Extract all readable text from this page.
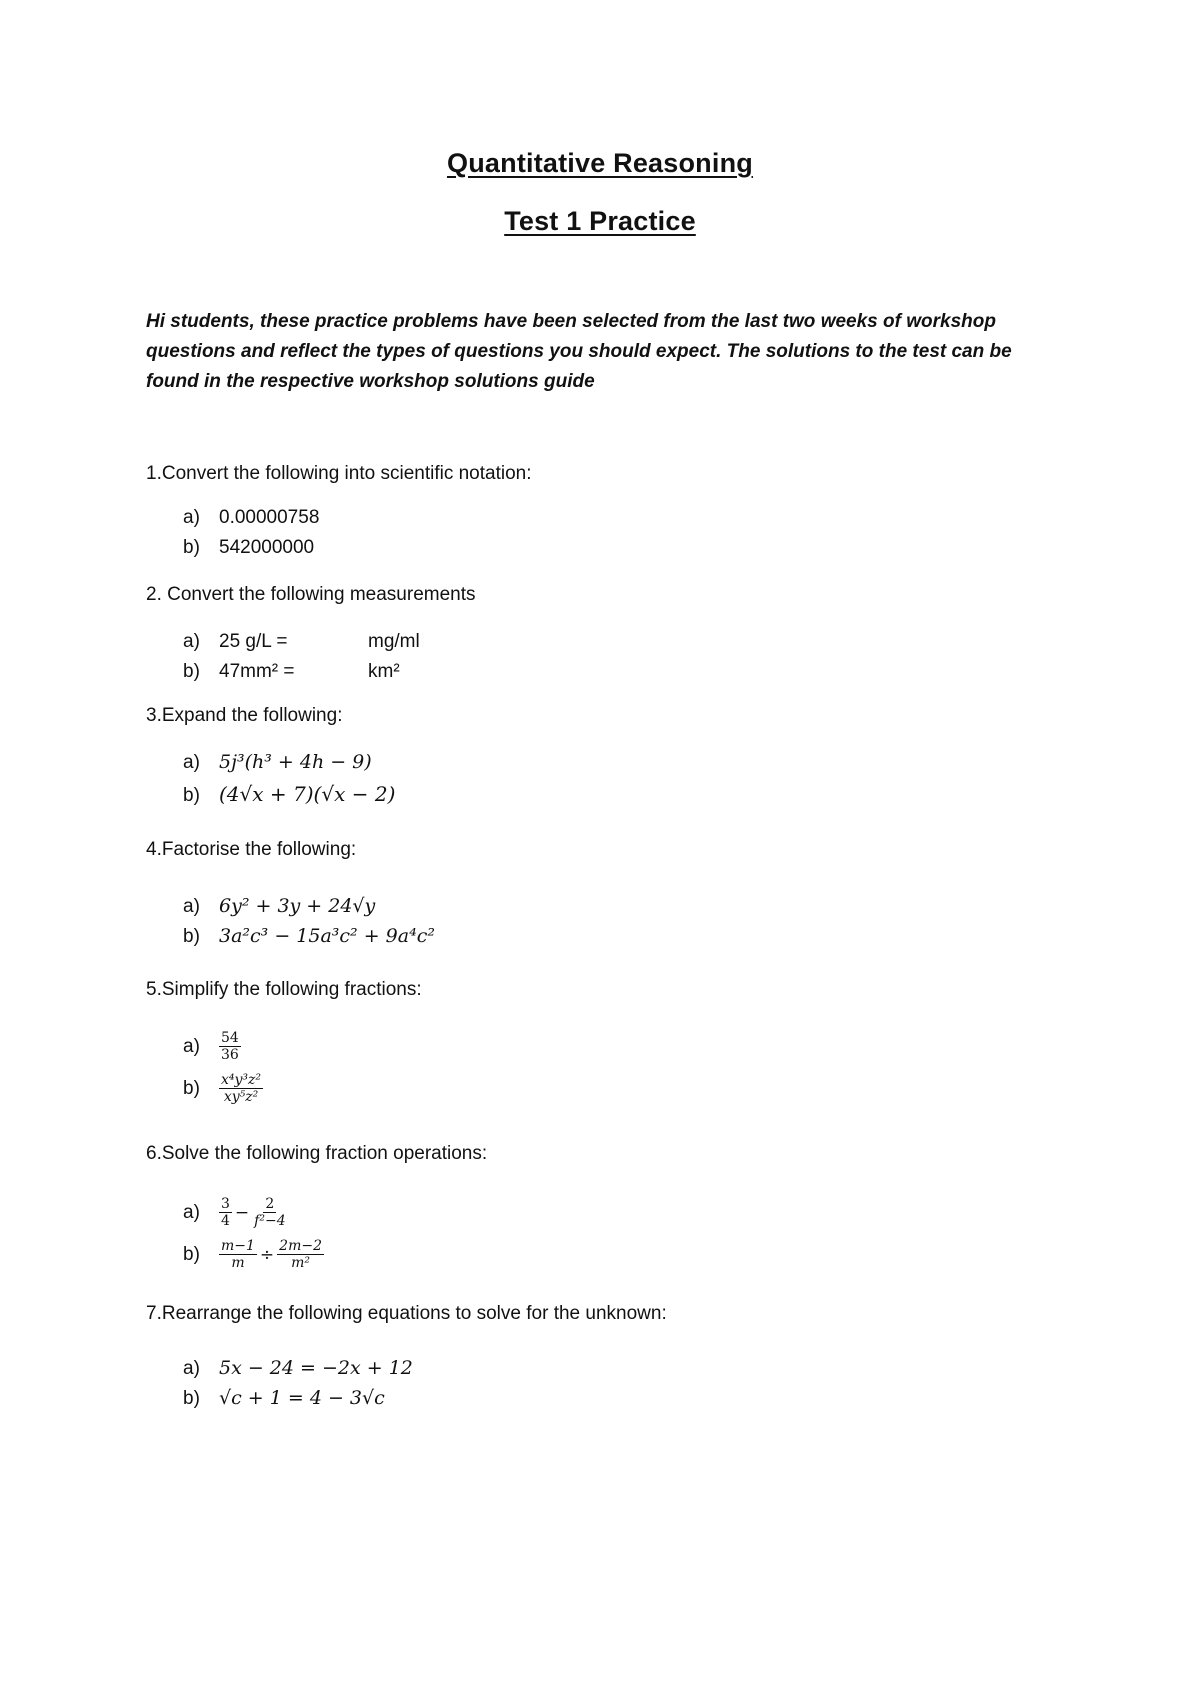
Quantitative Reasoning
Test 1 Practice
Hi students, these practice problems have been selected from the last two weeks of workshop questions and reflect the types of questions you should expect. The solutions to the test can be found in the respective workshop solutions guide
1.Convert the following into scientific notation:
a) 0.00000758
b) 542000000
2. Convert the following measurements
a) 25 g/L =	mg/ml
b) 47mm² =	km²
3.Expand the following:
a) 5j³(h³ + 4h − 9)
b) (4√x + 7)(√x − 2)
4.Factorise the following:
a) 6y² + 3y + 24√y
b) 3a²c³ − 15a³c² + 9a⁴c²
5.Simplify the following fractions:
$a) \frac{54}{36}$
$b) \frac{\text{x⁴y³z²}}{\text{xy⁵z²}}$
6.Solve the following fraction operations:
$a) \frac{3}{4} - \frac{2}{\text{f²−4}}$
$b) \frac{m-1}{m} \div \frac{2m-2}{\text{m²}}$
7.Rearrange the following equations to solve for the unknown:
a) 5x − 24 = −2x + 12
b) √c + 1 = 4 − 3√c
